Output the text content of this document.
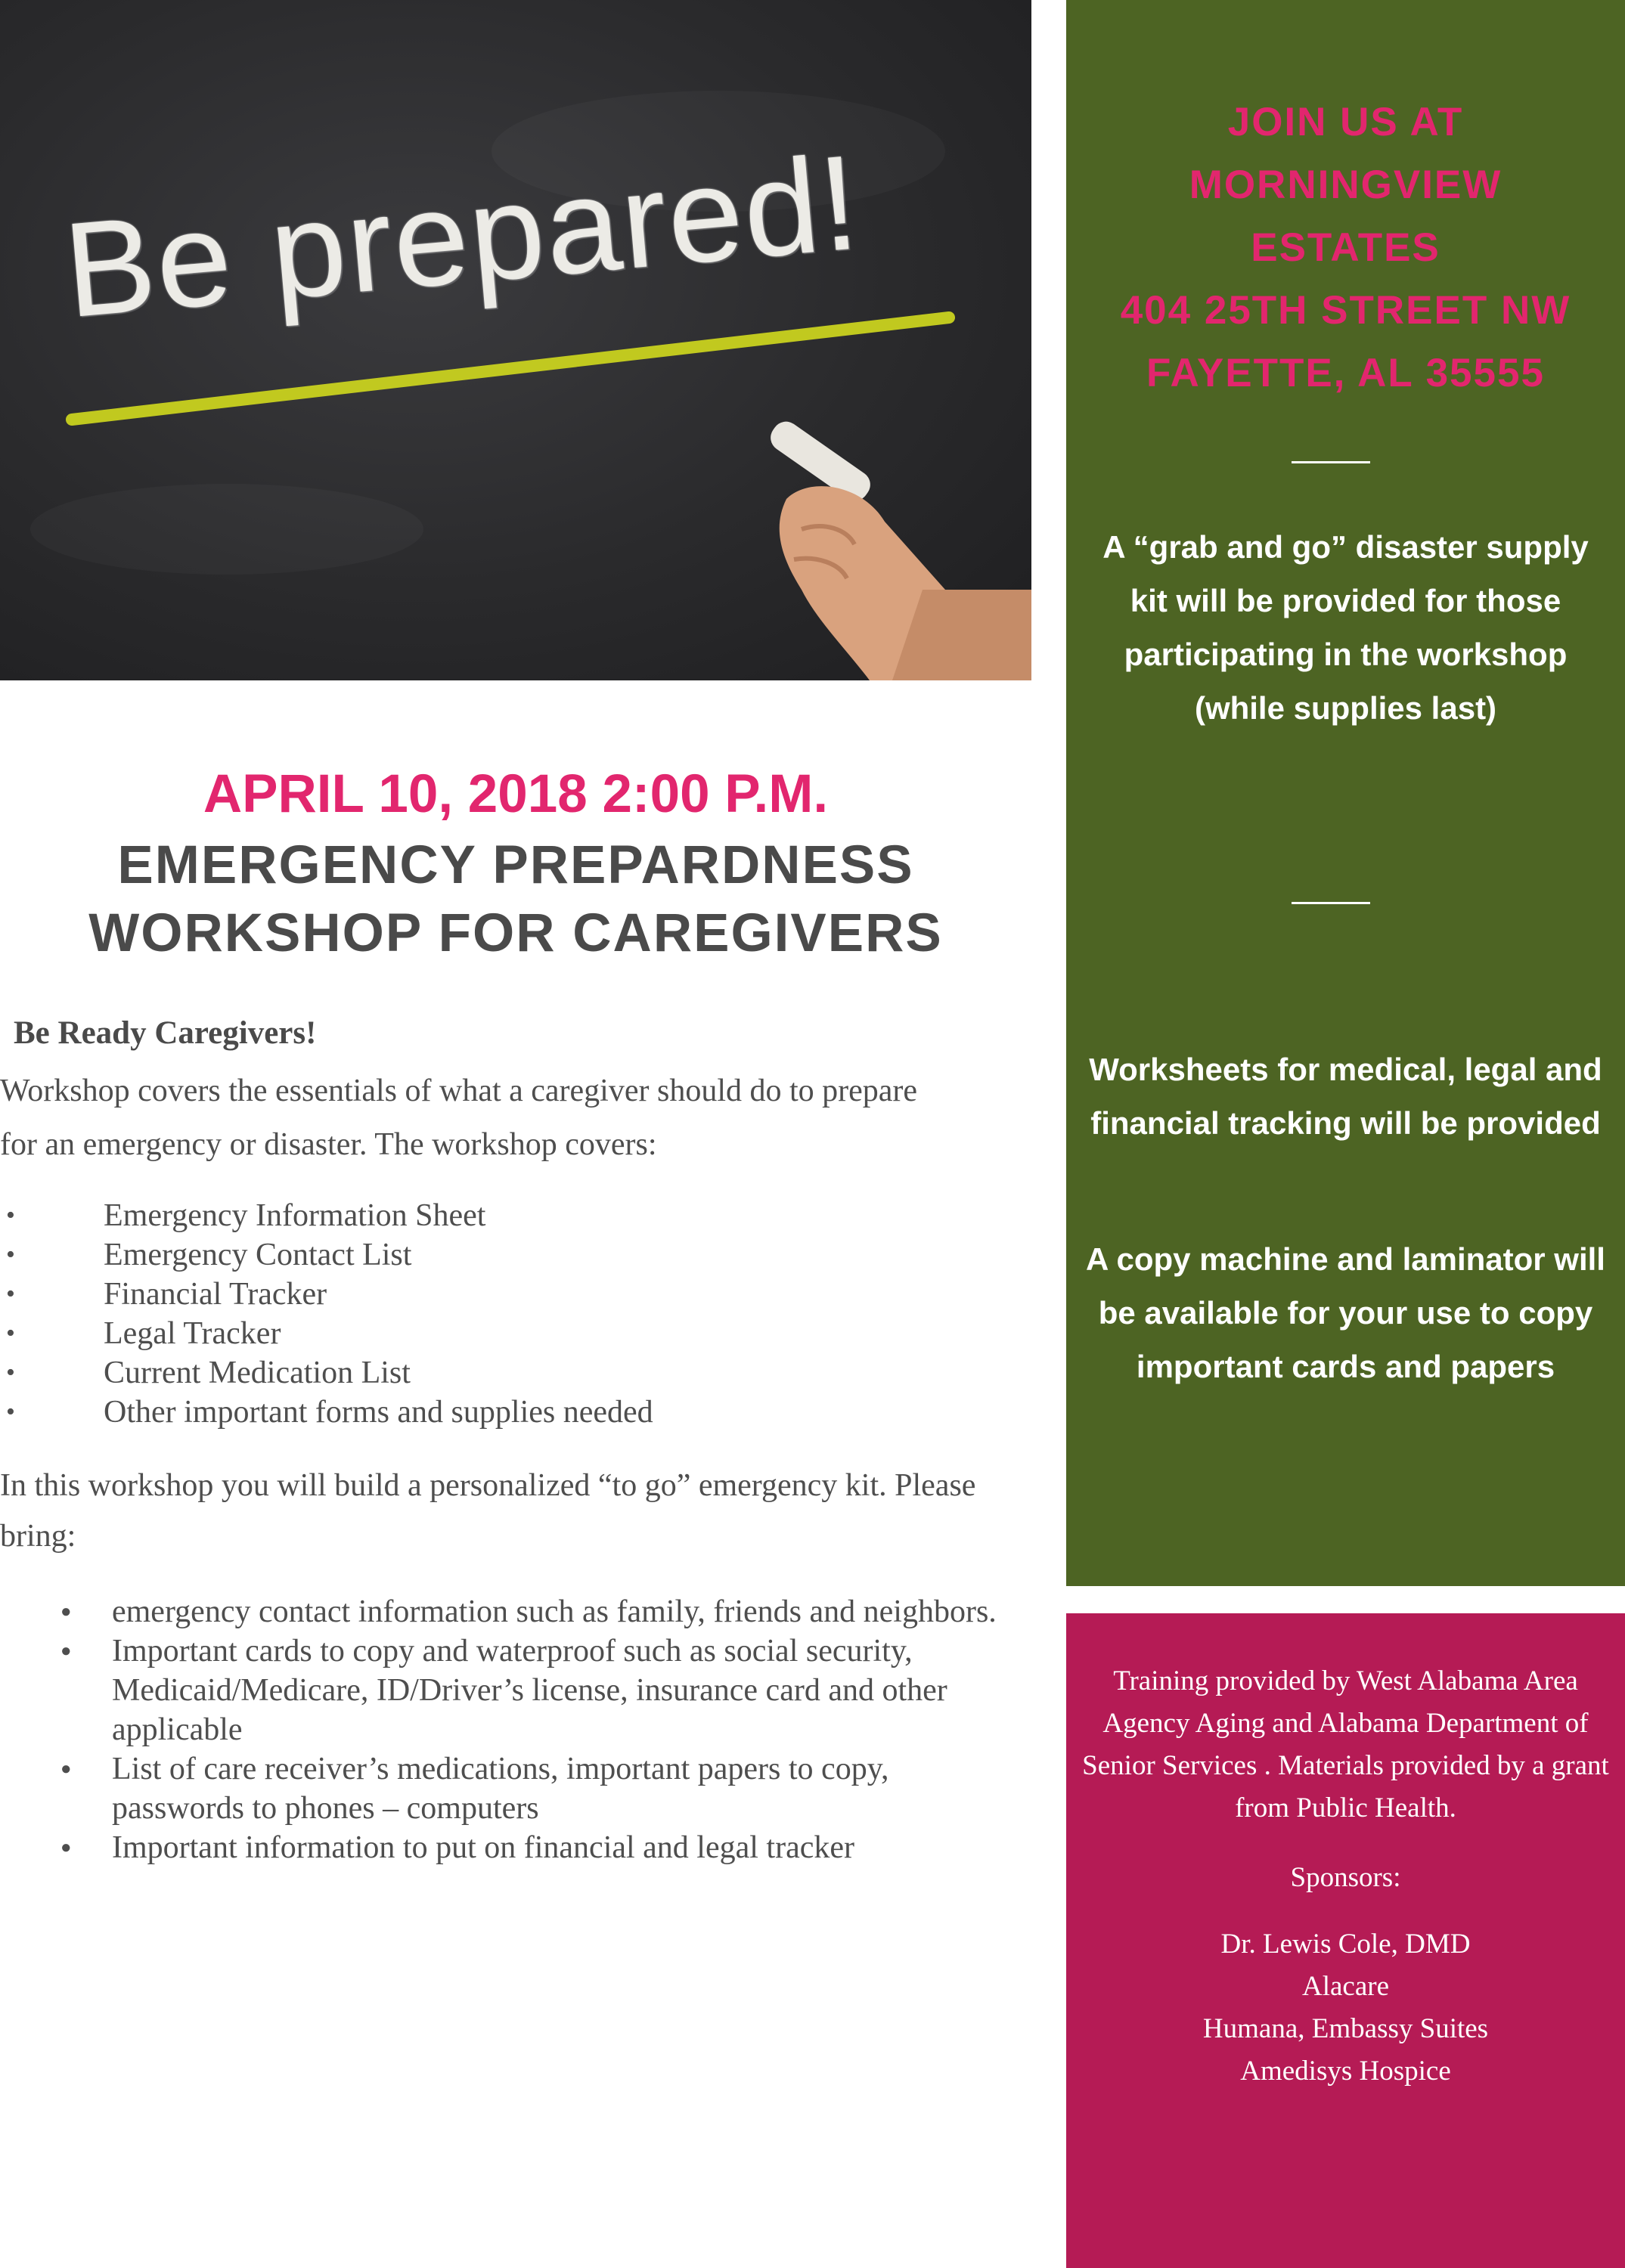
Be prepared!
APRIL 10, 2018 2:00 P.M.
EMERGENCY PREPARDNESS
WORKSHOP FOR CAREGIVERS
Be Ready Caregivers!

Workshop covers the essentials of what a caregiver should do to preparefor an emergency or disaster. The workshop covers:

• Emergency Information Sheet
• Emergency Contact List
• Financial Tracker
• Legal Tracker
• Current Medication List
• Other important forms and supplies needed

In this workshop you will build a personalized “to go” emergency kit. Please bring:

● emergency contact information such as family, friends and neighbors.
● Important cards to copy and waterproof such as social security, Medicaid/Medicare, ID/Driver’s license, insurance card and other applicable
● List of care receiver’s medications, important papers to copy, passwords to phones – computers
● Important information to put on financial and legal tracker
JOIN US AT
MORNINGVIEW
ESTATES
404 25TH STREET NW
FAYETTE, AL 35555

A “grab and go” disaster supply kit will be provided for those participating in the workshop (while supplies last)

Worksheets for medical, legal and financial tracking will be provided

A copy machine and laminator will be available for your use to copy important cards and papers

Training provided by West Alabama Area Agency Aging and Alabama Department of Senior Services . Materials provided by a grant from Public Health.

Sponsors:

Dr. Lewis Cole, DMD
Alacare
Humana, Embassy Suites
Amedisys Hospice
